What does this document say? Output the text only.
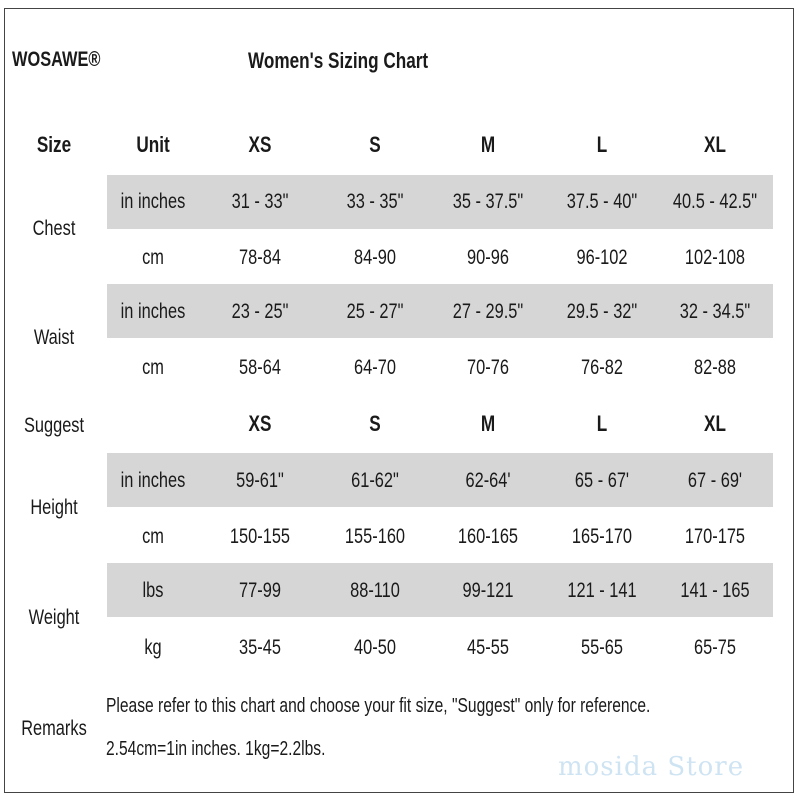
WOSAWE®	Women's Sizing Chart
Size	Unit	XS	S	M	L	XL
Chest
in inches	31 - 33"	33 - 35"	35 - 37.5"	37.5 - 40"	40.5 - 42.5"
cm	78-84	84-90	90-96	96-102	102-108
Waist
in inches	23 - 25"	25 - 27"	27 - 29.5"	29.5 - 32"	32 - 34.5"
cm	58-64	64-70	70-76	76-82	82-88
Suggest	XS	S	M	L	XL
Height
in inches	59-61"	61-62"	62-64'	65 - 67'	67 - 69'
cm	150-155	155-160	160-165	165-170	170-175
Weight
lbs	77-99	88-110	99-121	121 - 141	141 - 165
kg	35-45	40-50	45-55	55-65	65-75
Remarks
Please refer to this chart and choose your fit size, "Suggest" only for reference.
2.54cm=1in inches. 1kg=2.2lbs.
mosida Store
